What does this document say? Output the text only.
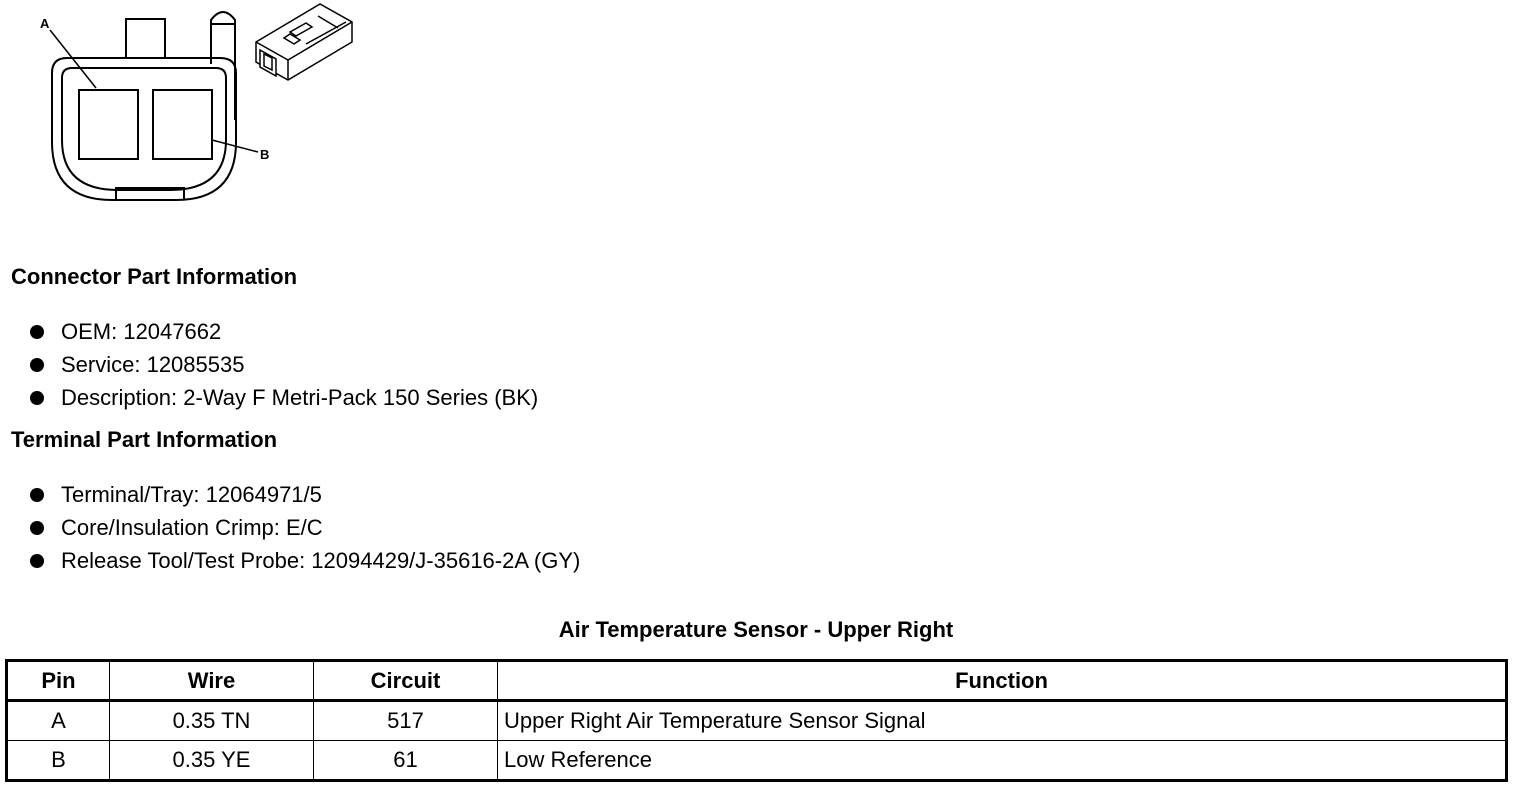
A
B
Connector Part Information
OEM: 12047662
Service: 12085535
Description: 2-Way F Metri-Pack 150 Series (BK)
Terminal Part Information
Terminal/Tray: 12064971/5
Core/Insulation Crimp: E/C
Release Tool/Test Probe: 12094429/J-35616-2A (GY)
Air Temperature Sensor - Upper Right
Pin	Wire	Circuit	Function
A	0.35 TN	517	Upper Right Air Temperature Sensor Signal
B	0.35 YE	61	Low Reference
